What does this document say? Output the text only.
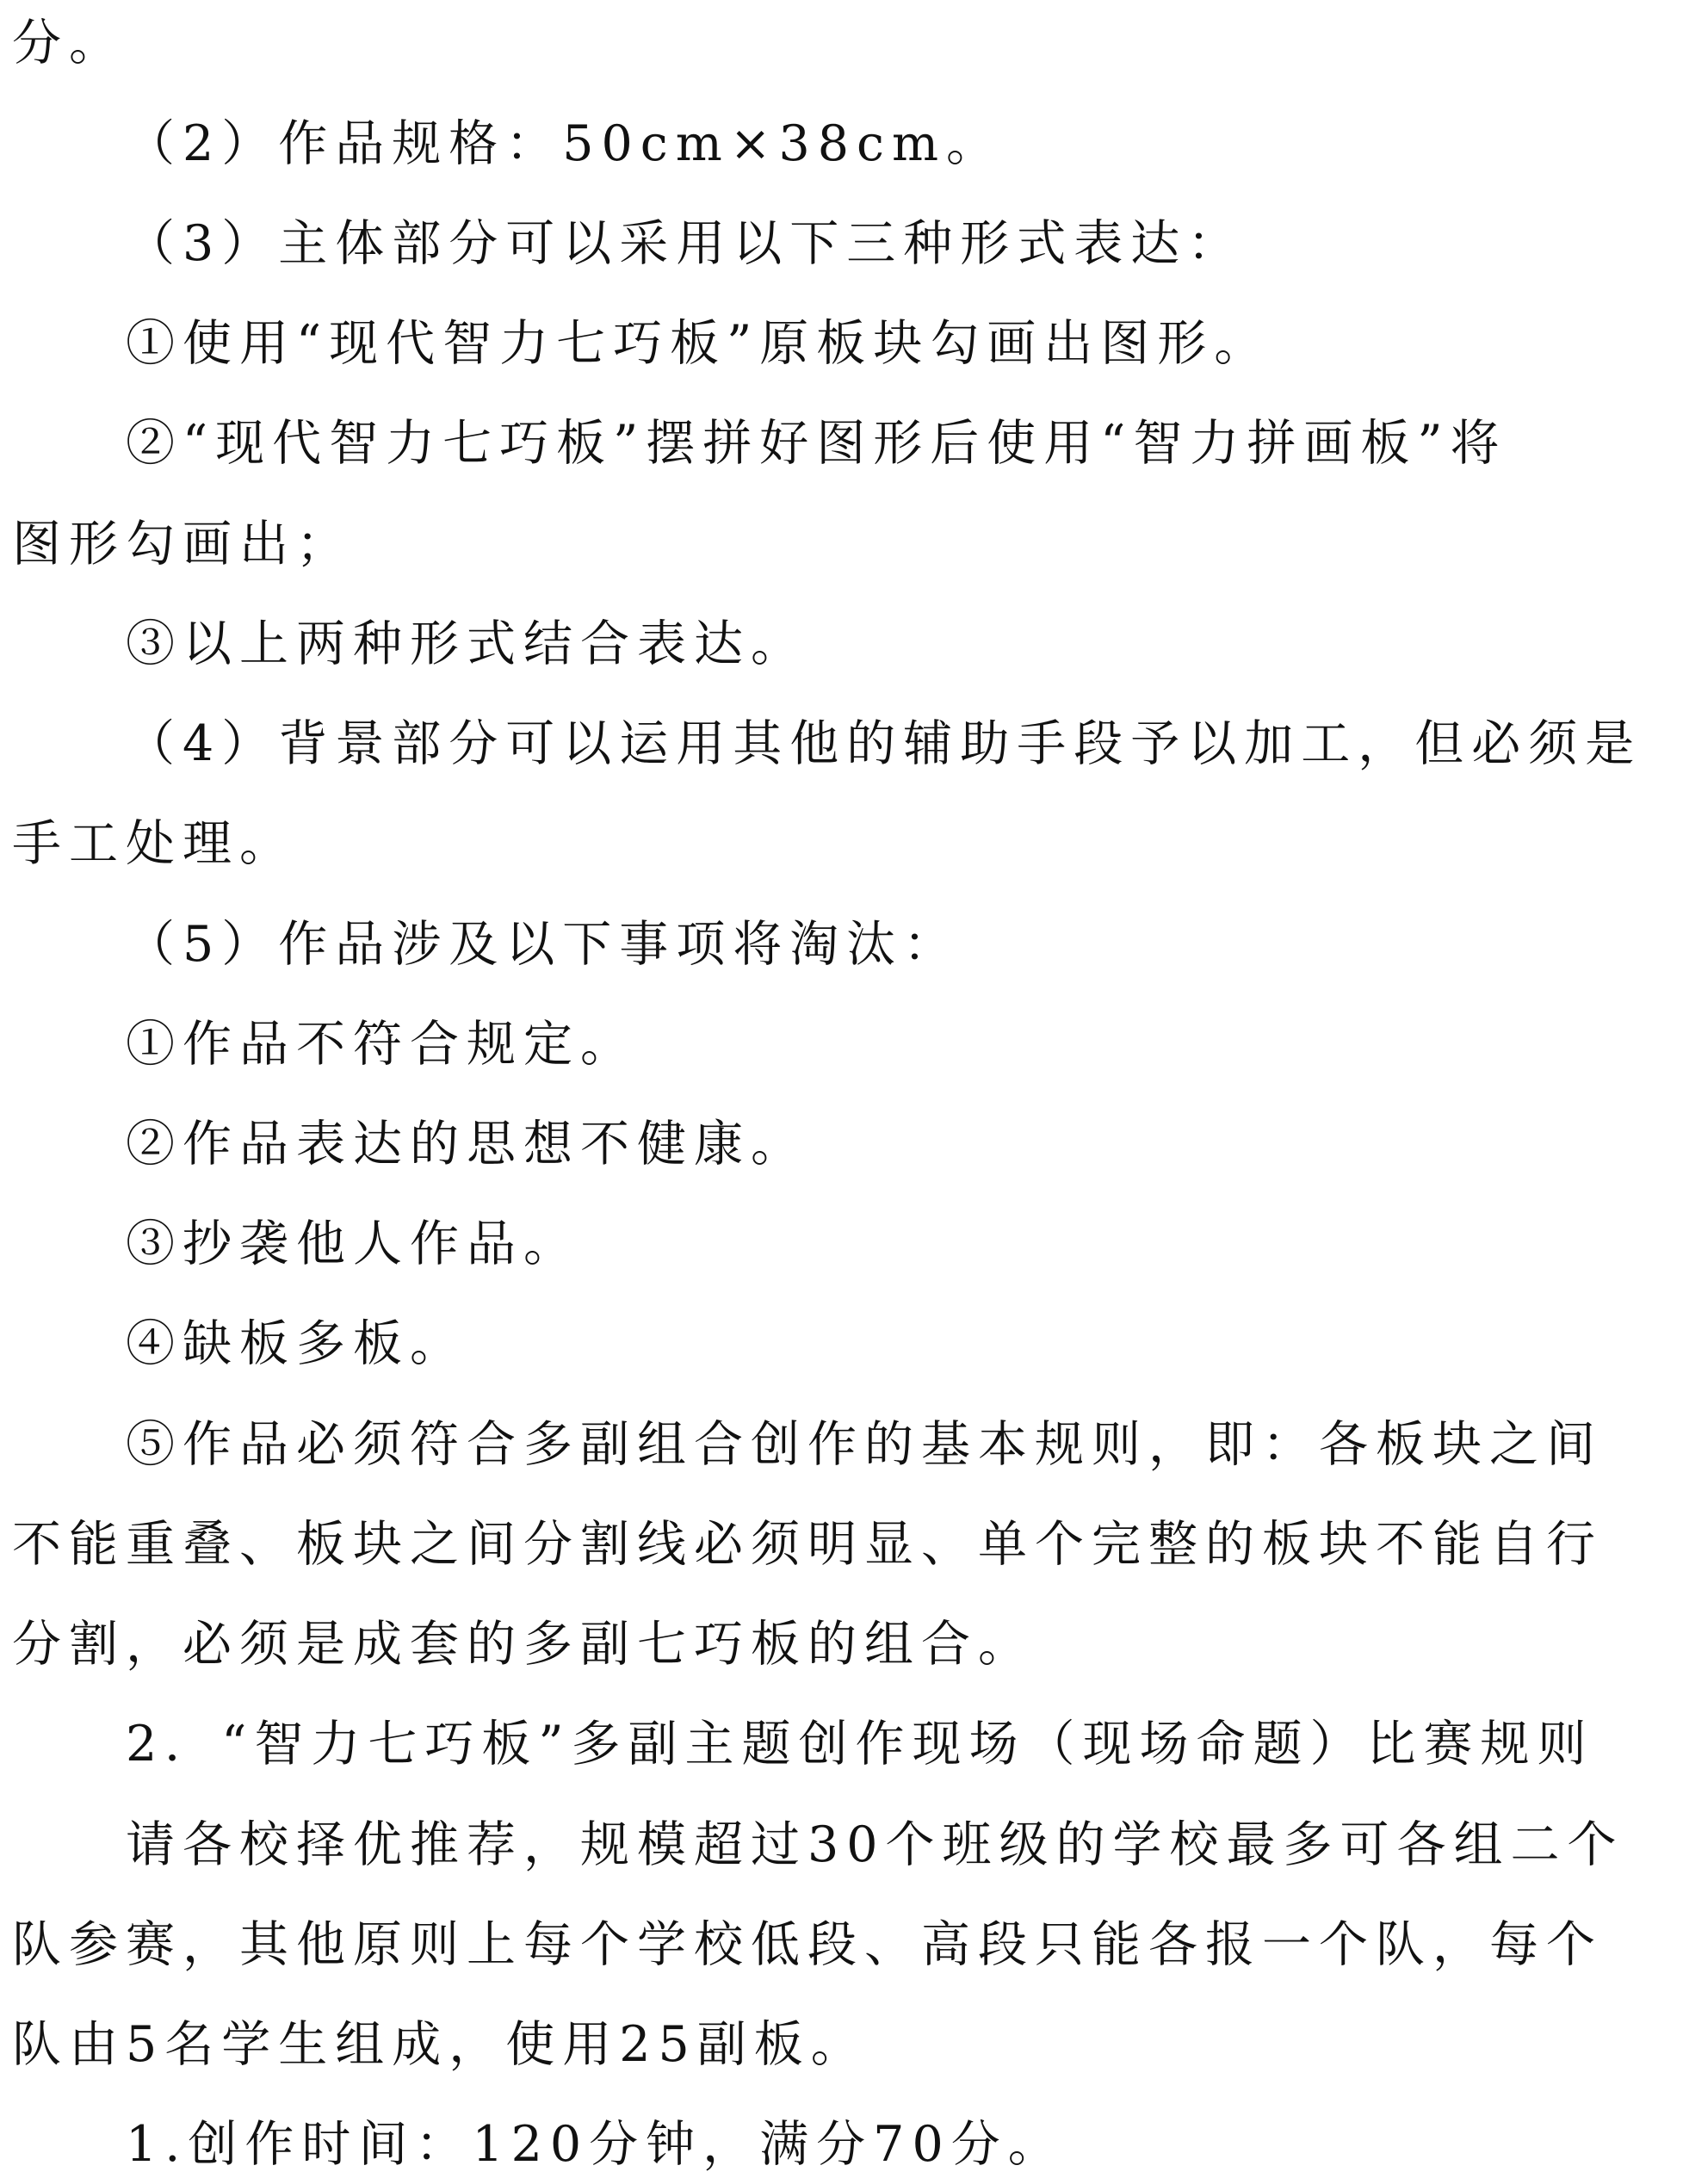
分。
（2）作品规格：50cm×38cm。
（3）主体部分可以采用以下三种形式表达：
①使用“现代智力七巧板”原板块勾画出图形。
②“现代智力七巧板”摆拼好图形后使用“智力拼画板”将
图形勾画出；
③以上两种形式结合表达。
（4）背景部分可以运用其他的辅助手段予以加工，但必须是
手工处理。
（5）作品涉及以下事项将淘汰：
①作品不符合规定。
②作品表达的思想不健康。
③抄袭他人作品。
④缺板多板。
⑤作品必须符合多副组合创作的基本规则，即：各板块之间
不能重叠、板块之间分割线必须明显、单个完整的板块不能自行
分割，必须是成套的多副七巧板的组合。
2．“智力七巧板”多副主题创作现场（现场命题）比赛规则
请各校择优推荐，规模超过30个班级的学校最多可各组二个
队参赛，其他原则上每个学校低段、高段只能各报一个队，每个
队由5名学生组成，使用25副板。
1.创作时间：120分钟，满分70分。
